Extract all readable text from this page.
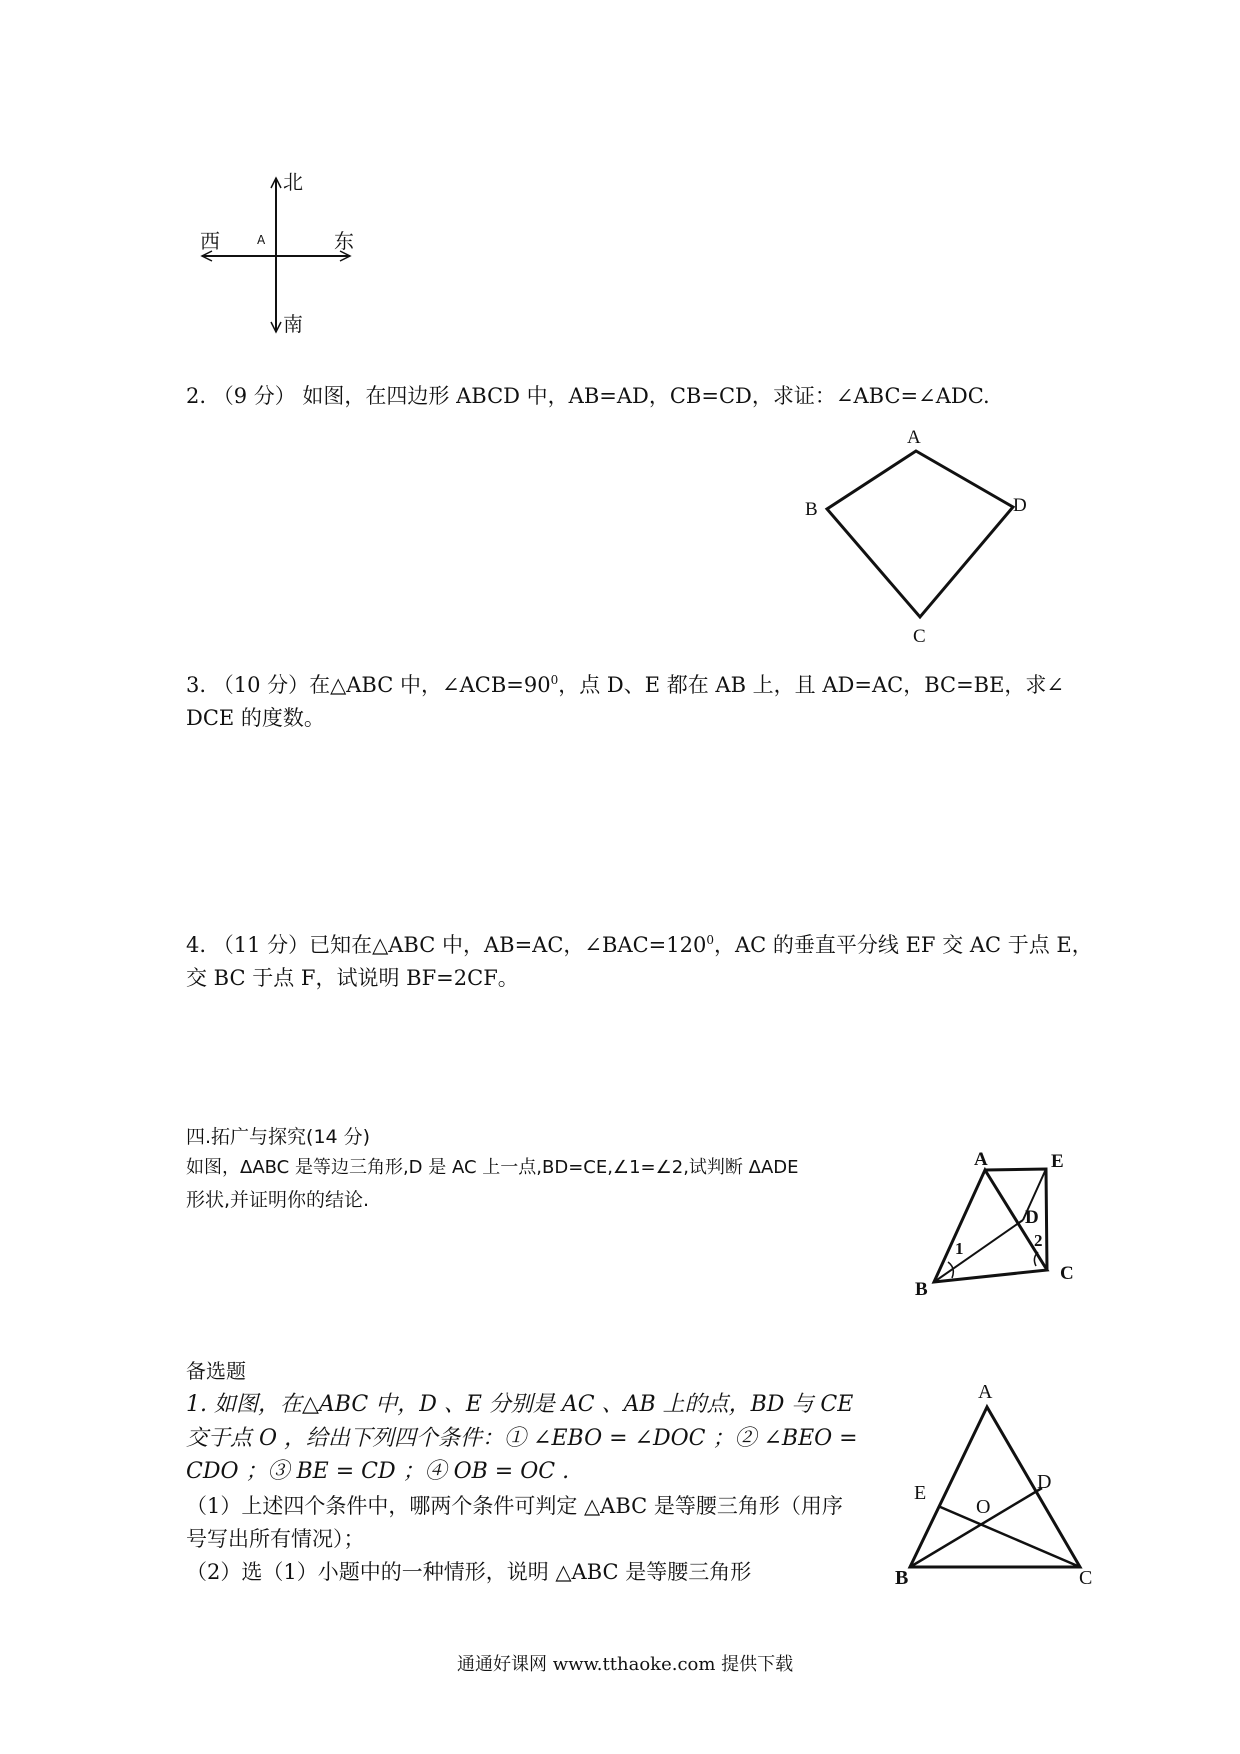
北
南
西	东
A
2. （9 分） 如图，在四边形 ABCD 中，AB=AD，CB=CD，求证：∠ABC=∠ADC.
A
B	D
C
3. （10 分）在△ABC 中，$\angle ACB=90^0$，点 D、E 都在 AB 上，且 AD=AC，BC=BE，求∠
DCE 的度数。
4. （11 分）已知在△ABC 中，AB=AC，$\angle BAC=120^0$，AC 的垂直平分线 EF 交 AC 于点 E，
交 BC 于点 F，试说明 BF=2CF。
四.拓广与探究(14 分)
如图，ΔABC 是等边三角形,D 是 AC 上一点,BD=CE,∠1=∠2,试判断 ΔADE
形状,并证明你的结论.
A	E
D
B
C
1	2
备选题
1. 如图，在△ABC 中，D 、E 分别是 AC 、AB 上的点，BD 与 CE
交于点 O ，给出下列四个条件：① ∠EBO = ∠DOC ；② ∠BEO =
CDO ；③ BE = CD ；④ OB = OC .
（1）上述四个条件中，哪两个条件可判定 △ABC 是等腰三角形（用序
号写出所有情况）；
（2）选（1）小题中的一种情形，说明 △ABC 是等腰三角形
A
E	D
O
B	C
通通好课网 www.tthaoke.com 提供下载
